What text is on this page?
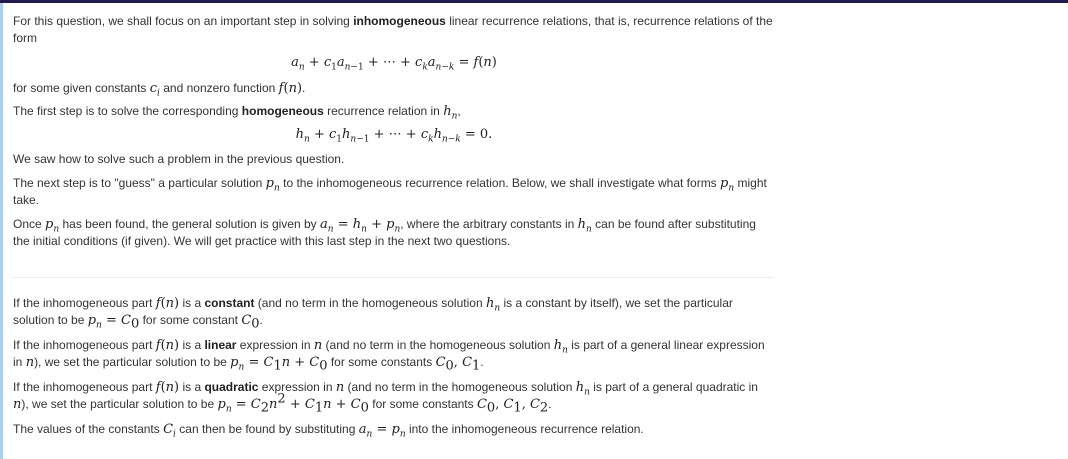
For this question, we shall focus on an important step in solving inhomogeneous linear recurrence relations, that is, recurrence relations of the form

$a_n + c_1a_{n-1}$ + ⋯ + $c_ka_{n-k} = f(n)$

for some given constants $c_i$ and nonzero function f(n).

The first step is to solve the corresponding homogeneous recurrence relation in $h_n$,

$h_n + c_1h_{n-1}$ + ⋯ + $c_kh_{n-k} = 0$.

We saw how to solve such a problem in the previous question.

The next step is to "guess" a particular solution $p_n$ to the inhomogeneous recurrence relation. Below, we shall investigate what forms $p_n$ might take.

Once $p_n$ has been found, the general solution is given by $a_n = h_n + p_n$, where the arbitrary constants in $h_n$ can be found after substituting the initial conditions (if given). We will get practice with this last step in the next two questions.

If the inhomogeneous part f(n) is a constant (and no term in the homogeneous solution $h_n$ is a constant by itself), we set the particular solution to be $p_n = C_0$ for some constant $C_0$.

If the inhomogeneous part f(n) is a linear expression in n (and no term in the homogeneous solution $h_n$ is part of a general linear expression in n), we set the particular solution to be $p_n = C_1n + C_0$ for some constants $C_0$, $C_1$.

If the inhomogeneous part f(n) is a quadratic expression in n (and no term in the homogeneous solution $h_n$ is part of a general quadratic in n), we set the particular solution to be $p_n = C_2n^2 + C_1n + C_0$ for some constants $C_0$, $C_1$, $C_2$.

The values of the constants $C_i$ can then be found by substituting $a_n = p_n$ into the inhomogeneous recurrence relation.
